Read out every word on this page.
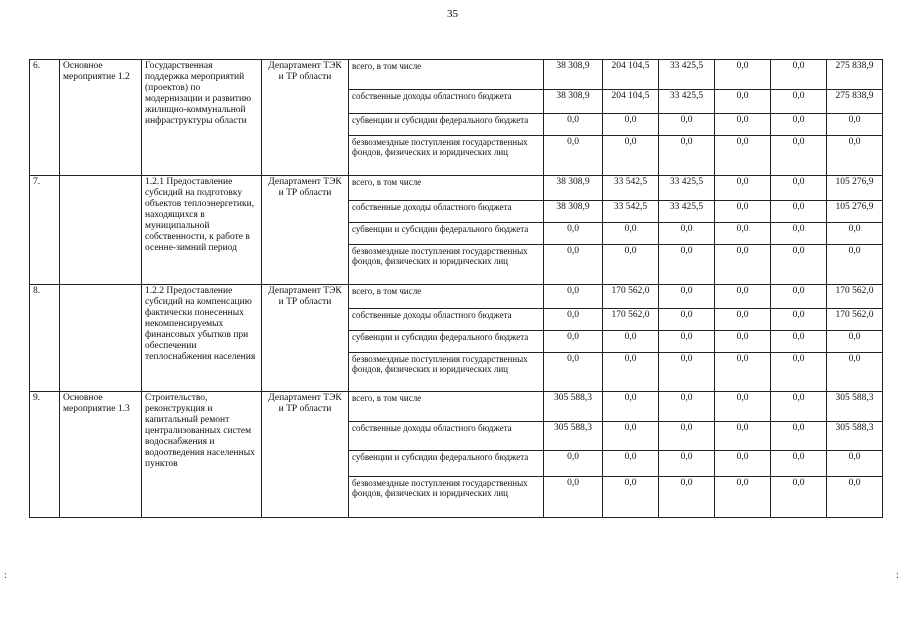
35
6.	Основное мероприятие 1.2	Государственная поддержка мероприятий (проектов) по модернизации и развитию жилищно-коммунальной инфраструктуры области	Департамент ТЭК и ТР области	всего, в том числе	38 308,9	204 104,5	33 425,5	0,0	0,0	275 838,9
				собственные доходы областного бюджета	38 308,9	204 104,5	33 425,5	0,0	0,0	275 838,9
				субвенции и субсидии федерального бюджета	0,0	0,0	0,0	0,0	0,0	0,0
				безвозмездные поступления государственных фондов, физических и юридических лиц	0,0	0,0	0,0	0,0	0,0	0,0
7.		1.2.1 Предоставление субсидий на подготовку объектов теплоэнергетики, находящихся в муниципальной собственности, к работе в осенне-зимний период	Департамент ТЭК и ТР области	всего, в том числе	38 308,9	33 542,5	33 425,5	0,0	0,0	105 276,9
				собственные доходы областного бюджета	38 308,9	33 542,5	33 425,5	0,0	0,0	105 276,9
				субвенции и субсидии федерального бюджета	0,0	0,0	0,0	0,0	0,0	0,0
				безвозмездные поступления государственных фондов, физических и юридических лиц	0,0	0,0	0,0	0,0	0,0	0,0
8.		1.2.2 Предоставление субсидий на компенсацию фактически понесенных некомпенсируемых финансовых убытков при обеспечении теплоснабжения населения	Департамент ТЭК и ТР области	всего, в том числе	0,0	170 562,0	0,0	0,0	0,0	170 562,0
				собственные доходы областного бюджета	0,0	170 562,0	0,0	0,0	0,0	170 562,0
				субвенции и субсидии федерального бюджета	0,0	0,0	0,0	0,0	0,0	0,0
				безвозмездные поступления государственных фондов, физических и юридических лиц	0,0	0,0	0,0	0,0	0,0	0,0
9.	Основное мероприятие 1.3	Строительство, реконструкция и капитальный ремонт централизованных систем водоснабжения и водоотведения населенных пунктов	Департамент ТЭК и ТР области	всего, в том числе	305 588,3	0,0	0,0	0,0	0,0	305 588,3
				собственные доходы областного бюджета	305 588,3	0,0	0,0	0,0	0,0	305 588,3
				субвенции и субсидии федерального бюджета	0,0	0,0	0,0	0,0	0,0	0,0
				безвозмездные поступления государственных фондов, физических и юридических лиц	0,0	0,0	0,0	0,0	0,0	0,0
:	:
